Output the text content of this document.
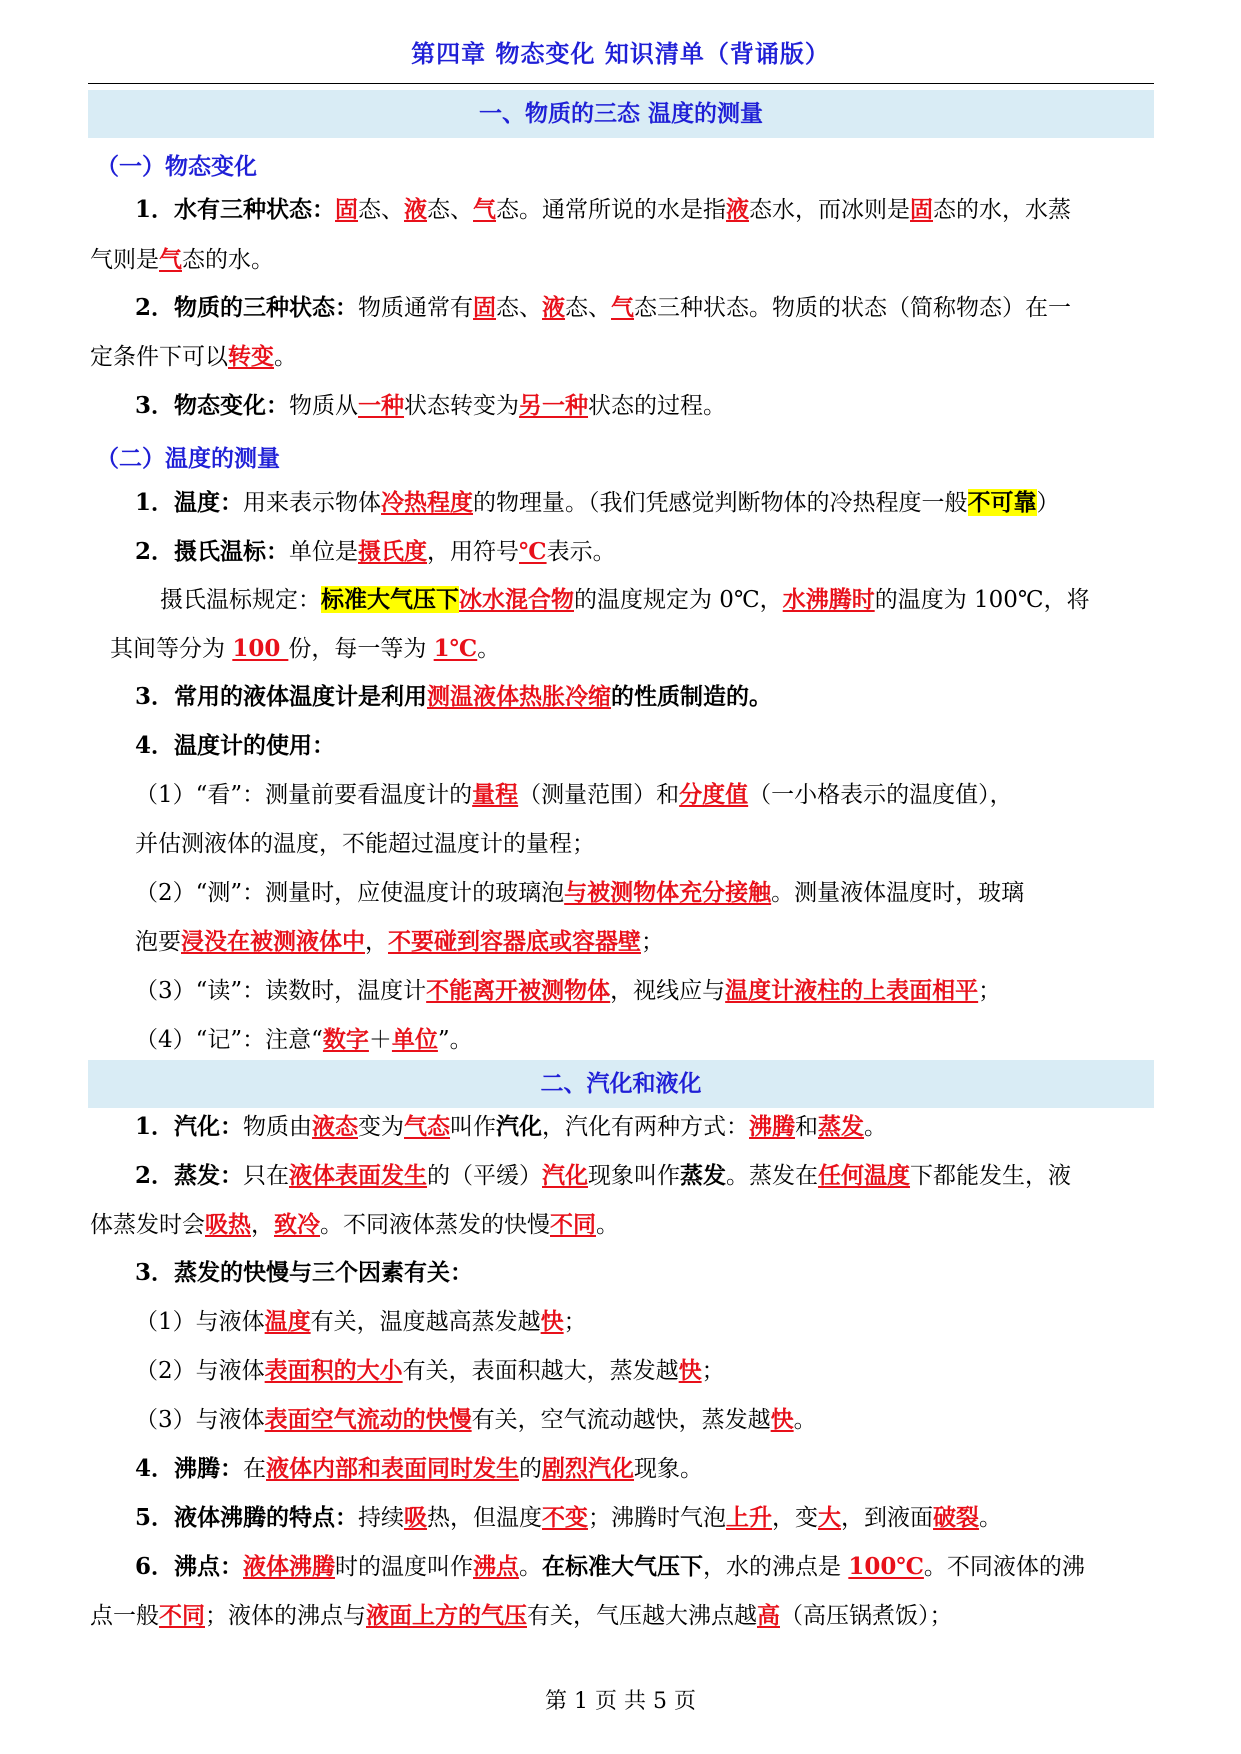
第四章 物态变化 知识清单（背诵版）
一、物质的三态 温度的测量
（一）物态变化
1．水有三种状态：固态、液态、气态。通常所说的水是指液态水，而冰则是固态的水，水蒸
气则是气态的水。
2．物质的三种状态：物质通常有固态、液态、气态三种状态。物质的状态（简称物态）在一
定条件下可以转变。
3．物态变化：物质从一种状态转变为另一种状态的过程。
1．温度：用来表示物体冷热程度的物理量。（我们凭感觉判断物体的冷热程度一般不可靠）
2．摄氏温标：单位是摄氏度，用符号℃表示。
摄氏温标规定：标准大气压下冰水混合物的温度规定为 0℃，水沸腾时的温度为 100℃，将
其间等分为 100 份，每一等为 1℃。
3．常用的液体温度计是利用测温液体热胀冷缩的性质制造的。
4．温度计的使用：
（1）“看”：测量前要看温度计的量程（测量范围）和分度值（一小格表示的温度值），
并估测液体的温度，不能超过温度计的量程；
（2）“测”：测量时，应使温度计的玻璃泡与被测物体充分接触。测量液体温度时，玻璃
泡要浸没在被测液体中，不要碰到容器底或容器壁；
（3）“读”：读数时，温度计不能离开被测物体，视线应与温度计液柱的上表面相平；
（4）“记”：注意“数字＋单位”。
1．汽化：物质由液态变为气态叫作汽化，汽化有两种方式：沸腾和蒸发。
2．蒸发：只在液体表面发生的（平缓）汽化现象叫作蒸发。蒸发在任何温度下都能发生，液
体蒸发时会吸热，致冷。不同液体蒸发的快慢不同。
3．蒸发的快慢与三个因素有关：
（1）与液体温度有关，温度越高蒸发越快；
（2）与液体表面积的大小有关，表面积越大，蒸发越快；
（3）与液体表面空气流动的快慢有关，空气流动越快，蒸发越快。
4．沸腾：在液体内部和表面同时发生的剧烈汽化现象。
5．液体沸腾的特点：持续吸热，但温度不变；沸腾时气泡上升，变大，到液面破裂。
6．沸点：液体沸腾时的温度叫作沸点。在标准大气压下，水的沸点是 100℃。不同液体的沸
点一般不同；液体的沸点与液面上方的气压有关，气压越大沸点越高（高压锅煮饭）；
（二）温度的测量
二、汽化和液化
第 1 页 共 5 页
